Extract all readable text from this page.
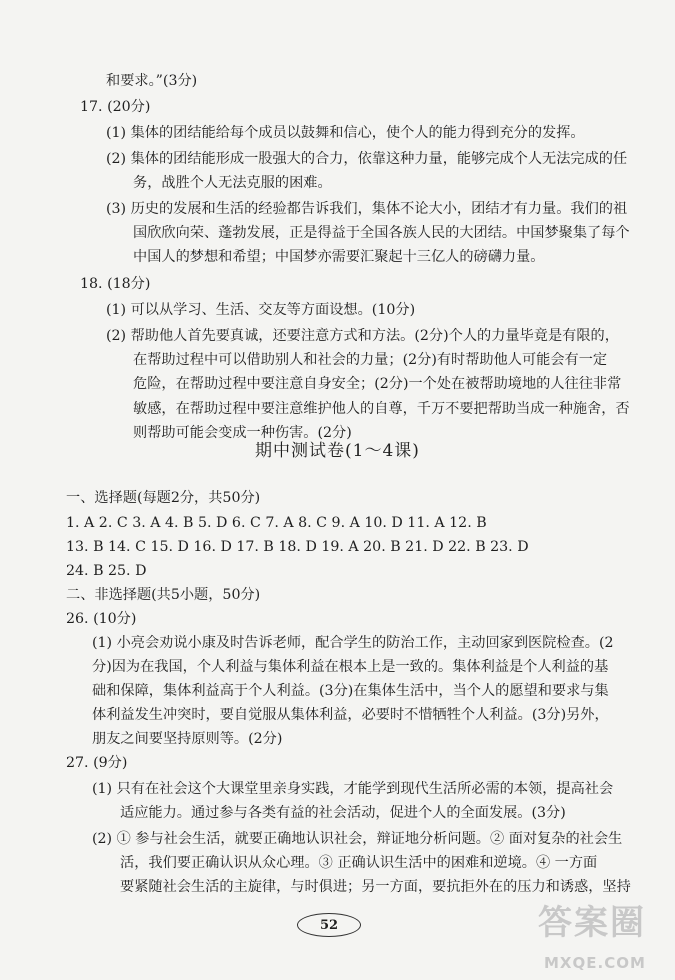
和要求。”(3分)
17. (20分)
(1) 集体的团结能给每个成员以鼓舞和信心，使个人的能力得到充分的发挥。
(2) 集体的团结能形成一股强大的合力，依靠这种力量，能够完成个人无法完成的任
务，战胜个人无法克服的困难。
(3) 历史的发展和生活的经验都告诉我们，集体不论大小，团结才有力量。我们的祖
国欣欣向荣、蓬勃发展，正是得益于全国各族人民的大团结。中国梦聚集了每个
中国人的梦想和希望；中国梦亦需要汇聚起十三亿人的磅礴力量。
18. (18分)
(1) 可以从学习、生活、交友等方面设想。(10分)
(2) 帮助他人首先要真诚，还要注意方式和方法。(2分)个人的力量毕竟是有限的，
在帮助过程中可以借助别人和社会的力量；(2分)有时帮助他人可能会有一定
危险，在帮助过程中要注意自身安全；(2分)一个处在被帮助境地的人往往非常
敏感，在帮助过程中要注意维护他人的自尊，千万不要把帮助当成一种施舍，否
则帮助可能会变成一种伤害。(2分)
期中测试卷(1～4课)
一、选择题(每题2分，共50分)
1. A 2. C 3. A 4. B 5. D 6. C 7. A 8. C 9. A 10. D 11. A 12. B
13. B 14. C 15. D 16. D 17. B 18. D 19. A 20. B 21. D 22. B 23. D
24. B 25. D
二、非选择题(共5小题，50分)
26. (10分)
(1) 小亮会劝说小康及时告诉老师，配合学生的防治工作，主动回家到医院检查。(2
分)因为在我国，个人利益与集体利益在根本上是一致的。集体利益是个人利益的基
础和保障，集体利益高于个人利益。(3分)在集体生活中，当个人的愿望和要求与集
体利益发生冲突时，要自觉服从集体利益，必要时不惜牺牲个人利益。(3分)另外，
朋友之间要坚持原则等。(2分)
27. (9分)
(1) 只有在社会这个大课堂里亲身实践，才能学到现代生活所必需的本领，提高社会
适应能力。通过参与各类有益的社会活动，促进个人的全面发展。(3分)
(2) ① 参与社会生活，就要正确地认识社会，辩证地分析问题。② 面对复杂的社会生
活，我们要正确认识从众心理。③ 正确认识生活中的困难和逆境。④ 一方面
要紧随社会生活的主旋律，与时俱进；另一方面，要抗拒外在的压力和诱惑，坚持
52	答案圈
MXQE.COM
